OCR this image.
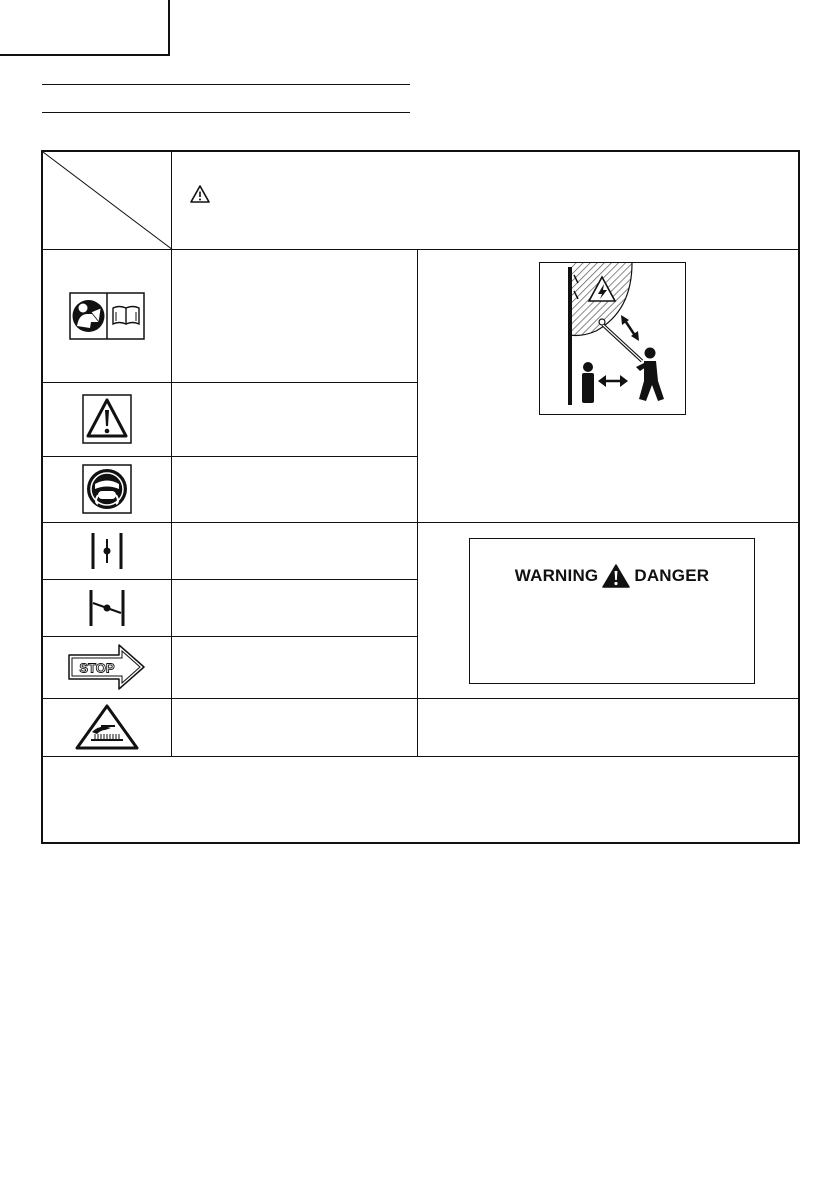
STOP
WARNING DANGER
